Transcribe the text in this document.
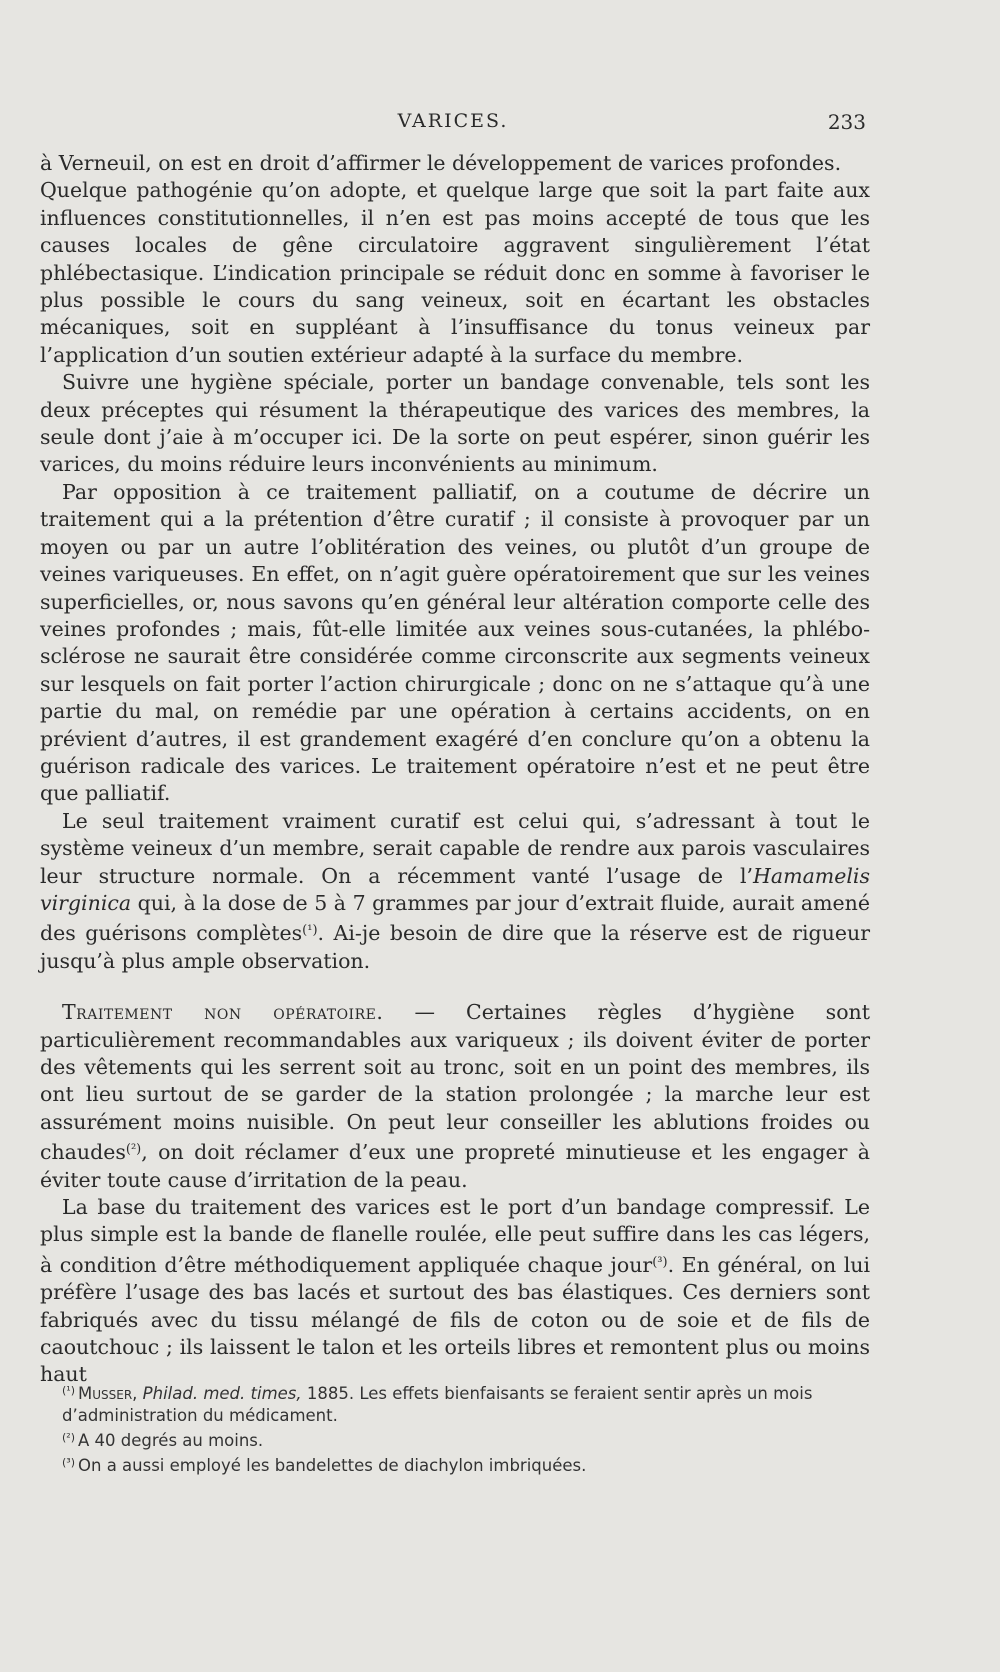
VARICES.	233

à Verneuil, on est en droit d’affirmer le développement de varices profondes.

Quelque pathogénie qu’on adopte, et quelque large que soit la part faite aux influences constitutionnelles, il n’en est pas moins accepté de tous que les causes locales de gêne circulatoire aggravent singulièrement l’état phlébectasique. L’indication principale se réduit donc en somme à favoriser le plus possible le cours du sang veineux, soit en écartant les obstacles mécaniques, soit en suppléant à l’insuffisance du tonus veineux par l’application d’un soutien extérieur adapté à la surface du membre.

Suivre une hygiène spéciale, porter un bandage convenable, tels sont les deux préceptes qui résument la thérapeutique des varices des membres, la seule dont j’aie à m’occuper ici. De la sorte on peut espérer, sinon guérir les varices, du moins réduire leurs inconvénients au minimum.

Par opposition à ce traitement palliatif, on a coutume de décrire un traitement qui a la prétention d’être curatif ; il consiste à provoquer par un moyen ou par un autre l’oblitération des veines, ou plutôt d’un groupe de veines variqueuses. En effet, on n’agit guère opératoirement que sur les veines superficielles, or, nous savons qu’en général leur altération comporte celle des veines profondes ; mais, fût-elle limitée aux veines sous-cutanées, la phlébo-sclérose ne saurait être considérée comme circonscrite aux segments veineux sur lesquels on fait porter l’action chirurgicale ; donc on ne s’attaque qu’à une partie du mal, on remédie par une opération à certains accidents, on en prévient d’autres, il est grandement exagéré d’en conclure qu’on a obtenu la guérison radicale des varices. Le traitement opératoire n’est et ne peut être que palliatif.

Le seul traitement vraiment curatif est celui qui, s’adressant à tout le système veineux d’un membre, serait capable de rendre aux parois vasculaires leur structure normale. On a récemment vanté l’usage de l’Hamamelis virginica qui, à la dose de 5 à 7 grammes par jour d’extrait fluide, aurait amené des guérisons complètes$^{(^1)}$. Ai-je besoin de dire que la réserve est de rigueur jusqu’à plus ample observation.

Traitement non opératoire. — Certaines règles d’hygiène sont particulièrement recommandables aux variqueux ; ils doivent éviter de porter des vêtements qui les serrent soit au tronc, soit en un point des membres, ils ont lieu surtout de se garder de la station prolongée ; la marche leur est assurément moins nuisible. On peut leur conseiller les ablutions froides ou chaudes$^{(^2)}$, on doit réclamer d’eux une propreté minutieuse et les engager à éviter toute cause d’irritation de la peau.

La base du traitement des varices est le port d’un bandage compressif. Le plus simple est la bande de flanelle roulée, elle peut suffire dans les cas légers, à condition d’être méthodiquement appliquée chaque jour$^{(^3)}$. En général, on lui préfère l’usage des bas lacés et surtout des bas élastiques. Ces derniers sont fabriqués avec du tissu mélangé de fils de coton ou de soie et de fils de caoutchouc ; ils laissent le talon et les orteils libres et remontent plus ou moins haut

$^{(^1)}$ Musser, Philad. med. times, 1885. Les effets bienfaisants se feraient sentir après un mois d’administration du médicament.

$^{(^2)}$ A 40 degrés au moins.

$^{(^3)}$ On a aussi employé les bandelettes de diachylon imbriquées.
